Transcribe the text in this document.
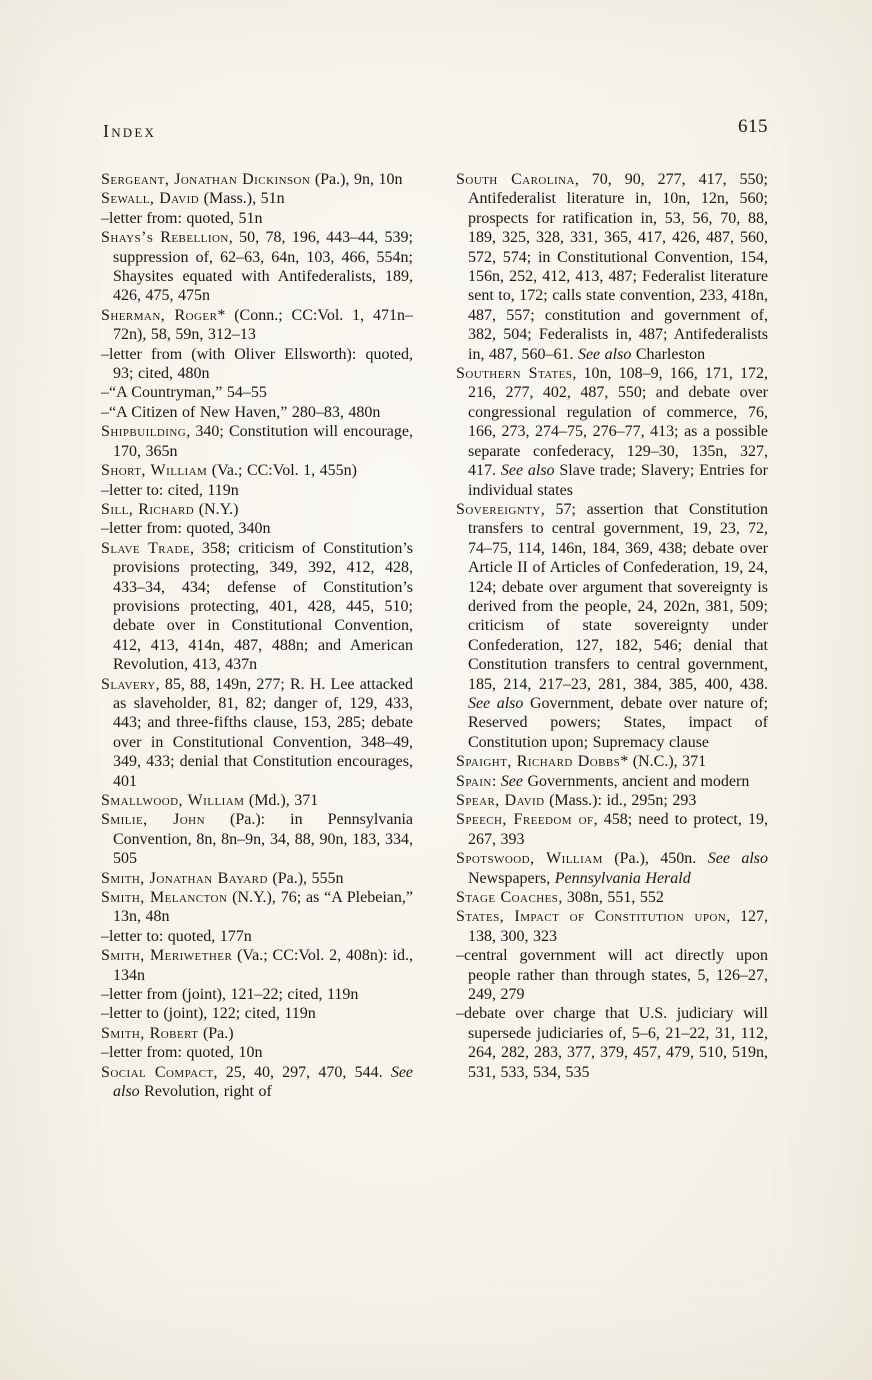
Index	615

Sergeant, Jonathan Dickinson (Pa.), 9n, 10n

Sewall, David (Mass.), 51n

–letter from: quoted, 51n

Shays’s Rebellion, 50, 78, 196, 443–44, 539; suppression of, 62–63, 64n, 103, 466, 554n; Shaysites equated with Antifederalists, 189, 426, 475, 475n

Sherman, Roger* (Conn.; CC:Vol. 1, 471n–72n), 58, 59n, 312–13

–letter from (with Oliver Ellsworth): quoted, 93; cited, 480n

–“A Countryman,” 54–55

–“A Citizen of New Haven,” 280–83, 480n

Shipbuilding, 340; Constitution will encourage, 170, 365n

Short, William (Va.; CC:Vol. 1, 455n)

–letter to: cited, 119n

Sill, Richard (N.Y.)

–letter from: quoted, 340n

Slave Trade, 358; criticism of Constitution’s provisions protecting, 349, 392, 412, 428, 433–34, 434; defense of Constitution’s provisions protecting, 401, 428, 445, 510; debate over in Constitutional Convention, 412, 413, 414n, 487, 488n; and American Revolution, 413, 437n

Slavery, 85, 88, 149n, 277; R. H. Lee attacked as slaveholder, 81, 82; danger of, 129, 433, 443; and three-fifths clause, 153, 285; debate over in Constitutional Convention, 348–49, 349, 433; denial that Constitution encourages, 401

Smallwood, William (Md.), 371

Smilie, John (Pa.): in Pennsylvania Convention, 8n, 8n–9n, 34, 88, 90n, 183, 334, 505

Smith, Jonathan Bayard (Pa.), 555n

Smith, Melancton (N.Y.), 76; as “A Plebeian,” 13n, 48n

–letter to: quoted, 177n

Smith, Meriwether (Va.; CC:Vol. 2, 408n): id., 134n

–letter from (joint), 121–22; cited, 119n

–letter to (joint), 122; cited, 119n

Smith, Robert (Pa.)

–letter from: quoted, 10n

Social Compact, 25, 40, 297, 470, 544. See also Revolution, right of

South Carolina, 70, 90, 277, 417, 550; Antifederalist literature in, 10n, 12n, 560; prospects for ratification in, 53, 56, 70, 88, 189, 325, 328, 331, 365, 417, 426, 487, 560, 572, 574; in Constitutional Convention, 154, 156n, 252, 412, 413, 487; Federalist literature sent to, 172; calls state convention, 233, 418n, 487, 557; constitution and government of, 382, 504; Federalists in, 487; Antifederalists in, 487, 560–61. See also Charleston

Southern States, 10n, 108–9, 166, 171, 172, 216, 277, 402, 487, 550; and debate over congressional regulation of commerce, 76, 166, 273, 274–75, 276–77, 413; as a possible separate confederacy, 129–30, 135n, 327, 417. See also Slave trade; Slavery; Entries for individual states

Sovereignty, 57; assertion that Constitution transfers to central government, 19, 23, 72, 74–75, 114, 146n, 184, 369, 438; debate over Article II of Articles of Confederation, 19, 24, 124; debate over argument that sovereignty is derived from the people, 24, 202n, 381, 509; criticism of state sovereignty under Confederation, 127, 182, 546; denial that Constitution transfers to central government, 185, 214, 217–23, 281, 384, 385, 400, 438. See also Government, debate over nature of; Reserved powers; States, impact of Constitution upon; Supremacy clause

Spaight, Richard Dobbs* (N.C.), 371

Spain: See Governments, ancient and modern

Spear, David (Mass.): id., 295n; 293

Speech, Freedom of, 458; need to protect, 19, 267, 393

Spotswood, William (Pa.), 450n. See also Newspapers, Pennsylvania Herald

Stage Coaches, 308n, 551, 552

States, Impact of Constitution upon, 127, 138, 300, 323

–central government will act directly upon people rather than through states, 5, 126–27, 249, 279

–debate over charge that U.S. judiciary will supersede judiciaries of, 5–6, 21–22, 31, 112, 264, 282, 283, 377, 379, 457, 479, 510, 519n, 531, 533, 534, 535
